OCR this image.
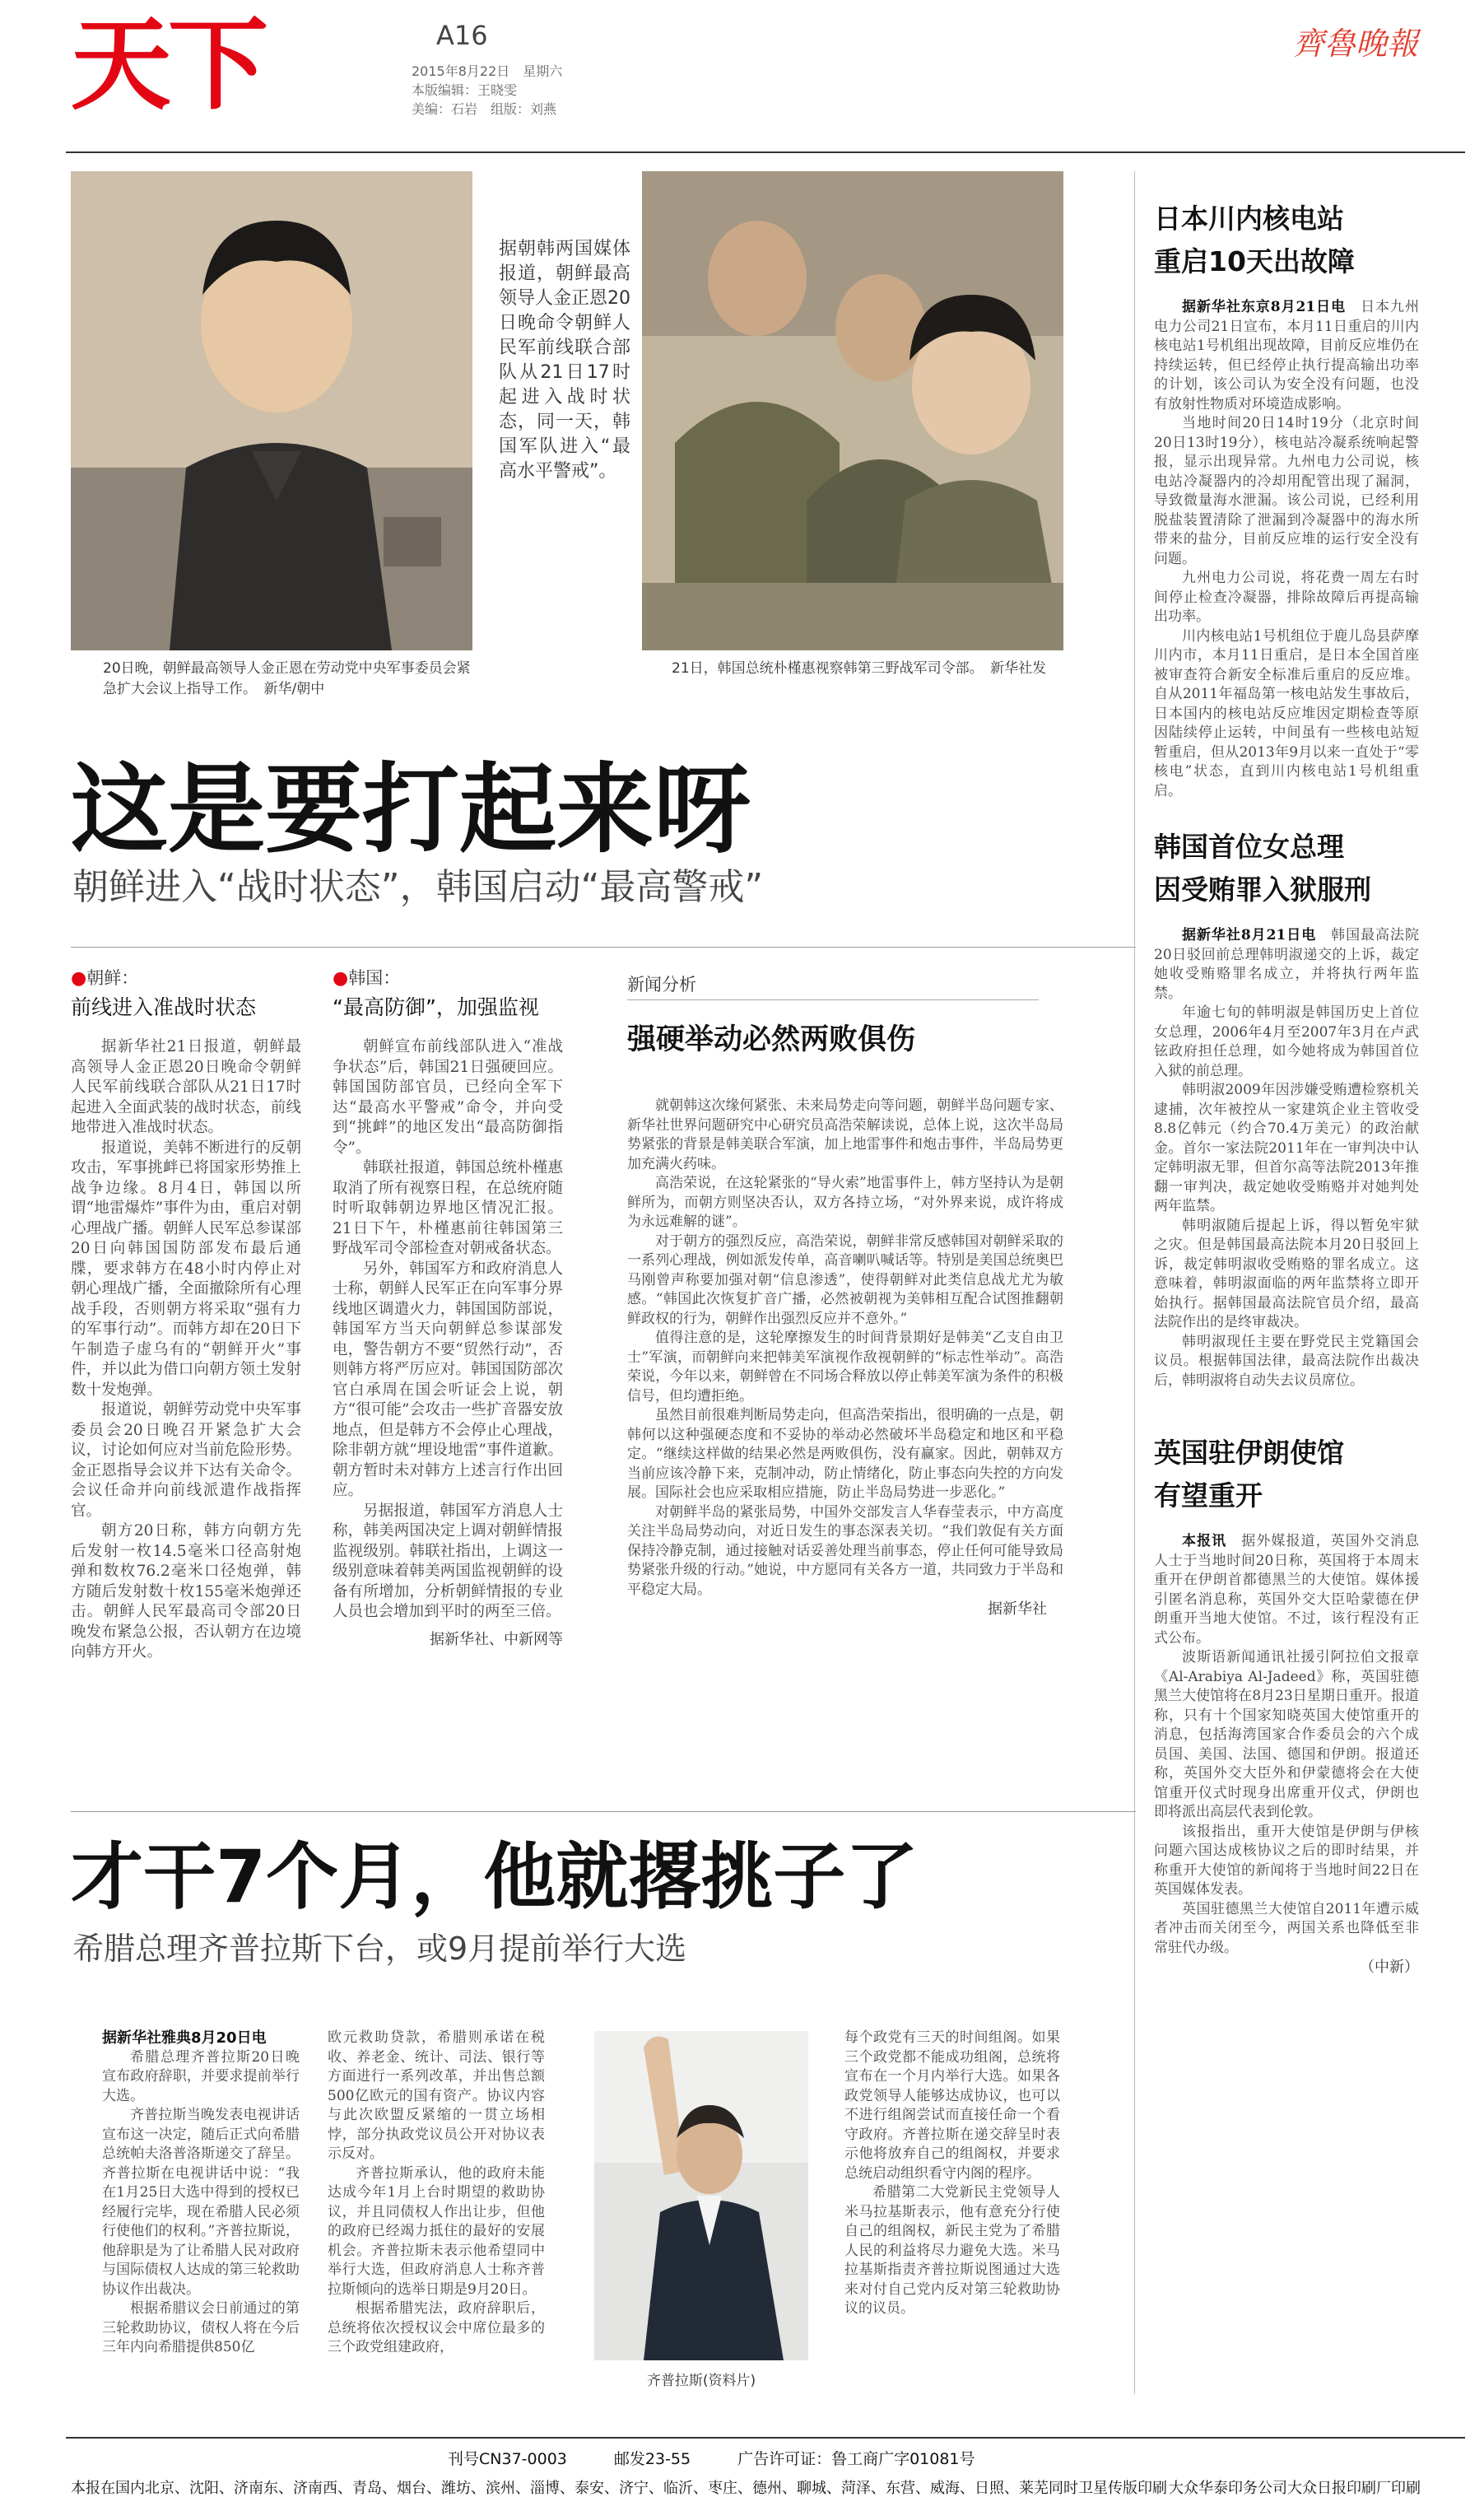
天下	A16
2015年8月22日　星期六
本版编辑：王晓雯
美编：石岩　组版：刘燕
齊魯晚報
20日晚，朝鲜最高领导人金正恩在劳动党中央军事委员会紧急扩大会议上指导工作。　新华/朝中
据朝韩两国媒体报道，朝鲜最高领导人金正恩20日晚命令朝鲜人民军前线联合部队从21日17时起进入战时状态，同一天，韩国军队进入“最高水平警戒”。
21日，韩国总统朴槿惠视察韩第三野战军司令部。　新华社发
这是要打起来呀
朝鲜进入“战时状态”，韩国启动“最高警戒”
●朝鲜：
前线进入准战时状态

据新华社21日报道，朝鲜最高领导人金正恩20日晚命令朝鲜人民军前线联合部队从21日17时起进入全面武装的战时状态，前线地带进入准战时状态。

报道说，美韩不断进行的反朝攻击，军事挑衅已将国家形势推上战争边缘。8月4日，韩国以所谓“地雷爆炸”事件为由，重启对朝心理战广播。朝鲜人民军总参谋部20日向韩国国防部发布最后通牒，要求韩方在48小时内停止对朝心理战广播，全面撤除所有心理战手段，否则朝方将采取“强有力的军事行动”。而韩方却在20日下午制造子虚乌有的“朝鲜开火”事件，并以此为借口向朝方领土发射数十发炮弹。

报道说，朝鲜劳动党中央军事委员会20日晚召开紧急扩大会议，讨论如何应对当前危险形势。金正恩指导会议并下达有关命令。会议任命并向前线派遣作战指挥官。

朝方20日称，韩方向朝方先后发射一枚14.5毫米口径高射炮弹和数枚76.2毫米口径炮弹，韩方随后发射数十枚155毫米炮弹还击。朝鲜人民军最高司令部20日晚发布紧急公报，否认朝方在边境向韩方开火。

●韩国：
“最高防御”，加强监视

朝鲜宣布前线部队进入“准战争状态”后，韩国21日强硬回应。韩国国防部官员，已经向全军下达“最高水平警戒”命令，并向受到“挑衅”的地区发出“最高防御指令”。

韩联社报道，韩国总统朴槿惠取消了所有视察日程，在总统府随时听取韩朝边界地区情况汇报。21日下午，朴槿惠前往韩国第三野战军司令部检查对朝戒备状态。

另外，韩国军方和政府消息人士称，朝鲜人民军正在向军事分界线地区调遣火力，韩国国防部说，韩国军方当天向朝鲜总参谋部发电，警告朝方不要“贸然行动”，否则韩方将严厉应对。韩国国防部次官白承周在国会听证会上说，朝方“很可能”会攻击一些扩音器安放地点，但是韩方不会停止心理战，除非朝方就“埋设地雷”事件道歉。朝方暂时未对韩方上述言行作出回应。

另据报道，韩国军方消息人士称，韩美两国决定上调对朝鲜情报监视级别。韩联社指出，上调这一级别意味着韩美两国监视朝鲜的设备有所增加，分析朝鲜情报的专业人员也会增加到平时的两至三倍。

据新华社、中新网等
新闻分析
强硬举动必然两败俱伤

就朝韩这次缘何紧张、未来局势走向等问题，朝鲜半岛问题专家、新华社世界问题研究中心研究员高浩荣解读说，总体上说，这次半岛局势紧张的背景是韩美联合军演，加上地雷事件和炮击事件，半岛局势更加充满火药味。

高浩荣说，在这轮紧张的“导火索”地雷事件上，韩方坚持认为是朝鲜所为，而朝方则坚决否认，双方各持立场，“对外界来说，成许将成为永远难解的谜”。

对于朝方的强烈反应，高浩荣说，朝鲜非常反感韩国对朝鲜采取的一系列心理战，例如派发传单，高音喇叭喊话等。特别是美国总统奥巴马刚曾声称要加强对朝“信息渗透”，使得朝鲜对此类信息战尤尤为敏感。“韩国此次恢复扩音广播，必然被朝视为美韩相互配合试图推翻朝鲜政权的行为，朝鲜作出强烈反应并不意外。”

值得注意的是，这轮摩擦发生的时间背景期好是韩美“乙支自由卫士”军演，而朝鲜向来把韩美军演视作敌视朝鲜的“标志性举动”。高浩荣说，今年以来，朝鲜曾在不同场合释放以停止韩美军演为条件的积极信号，但均遭拒绝。

虽然目前很难判断局势走向，但高浩荣指出，很明确的一点是，朝韩何以这种强硬态度和不妥协的举动必然破坏半岛稳定和地区和平稳定。“继续这样做的结果必然是两败俱伤，没有赢家。因此，朝韩双方当前应该冷静下来，克制冲动，防止情绪化，防止事态向失控的方向发展。国际社会也应采取相应措施，防止半岛局势进一步恶化。”

对朝鲜半岛的紧张局势，中国外交部发言人华春莹表示，中方高度关注半岛局势动向，对近日发生的事态深表关切。“我们敦促有关方面保持冷静克制，通过接触对话妥善处理当前事态，停止任何可能导致局势紧张升级的行动。”她说，中方愿同有关各方一道，共同致力于半岛和平稳定大局。

据新华社
日本川内核电站
重启10天出故障

据新华社东京8月21日电　 日本九州电力公司21日宣布，本月11日重启的川内核电站1号机组出现故障，目前反应堆仍在持续运转，但已经停止执行提高输出功率的计划，该公司认为安全没有问题，也没有放射性物质对环境造成影响。

当地时间20日14时19分（北京时间20日13时19分），核电站冷凝系统响起警报，显示出现异常。九州电力公司说，核电站冷凝器内的冷却用配管出现了漏洞，导致微量海水泄漏。该公司说，已经利用脱盐装置清除了泄漏到冷凝器中的海水所带来的盐分，目前反应堆的运行安全没有问题。

九州电力公司说，将花费一周左右时间停止检查冷凝器，排除故障后再提高输出功率。

川内核电站1号机组位于鹿儿岛县萨摩川内市，本月11日重启，是日本全国首座被审查符合新安全标准后重启的反应堆。自从2011年福岛第一核电站发生事故后，日本国内的核电站反应堆因定期检查等原因陆续停止运转，中间虽有一些核电站短暂重启，但从2013年9月以来一直处于“零核电”状态，直到川内核电站1号机组重启。

韩国首位女总理
因受贿罪入狱服刑

据新华社8月21日电　 韩国最高法院20日驳回前总理韩明淑递交的上诉，裁定她收受贿赂罪名成立，并将执行两年监禁。

年逾七旬的韩明淑是韩国历史上首位女总理，2006年4月至2007年3月在卢武铉政府担任总理，如今她将成为韩国首位入狱的前总理。

韩明淑2009年因涉嫌受贿遭检察机关逮捕，次年被控从一家建筑企业主管收受8.8亿韩元（约合70.4万美元）的政治献金。首尔一家法院2011年在一审判决中认定韩明淑无罪，但首尔高等法院2013年推翻一审判决，裁定她收受贿赂并对她判处两年监禁。

韩明淑随后提起上诉，得以暂免牢狱之灾。但是韩国最高法院本月20日驳回上诉，裁定韩明淑收受贿赂的罪名成立。这意味着，韩明淑面临的两年监禁将立即开始执行。据韩国最高法院官员介绍，最高法院作出的是终审裁决。

韩明淑现任主要在野党民主党籍国会议员。根据韩国法律，最高法院作出裁决后，韩明淑将自动失去议员席位。

英国驻伊朗使馆
有望重开

本报讯　 据外媒报道，英国外交消息人士于当地时间20日称，英国将于本周末重开在伊朗首都德黑兰的大使馆。媒体援引匿名消息称，英国外交大臣哈蒙德在伊朗重开当地大使馆。不过，该行程没有正式公布。

波斯语新闻通讯社援引阿拉伯文报章《Al-Arabiya Al-Jadeed》称，英国驻德黑兰大使馆将在8月23日星期日重开。报道称，只有十个国家知晓英国大使馆重开的消息，包括海湾国家合作委员会的六个成员国、美国、法国、德国和伊朗。报道还称，英国外交大臣外和伊蒙德将会在大使馆重开仪式时现身出席重开仪式，伊朗也即将派出高层代表到伦敦。

该报指出，重开大使馆是伊朗与伊核问题六国达成核协议之后的即时结果，并称重开大使馆的新闻将于当地时间22日在英国媒体发表。

英国驻德黑兰大使馆自2011年遭示威者冲击而关闭至今，两国关系也降低至非常驻代办级。

（中新）
才干7个月，他就撂挑子了
希腊总理齐普拉斯下台，或9月提前举行大选
据新华社雅典8月20日电

希腊总理齐普拉斯20日晚宣布政府辞职，并要求提前举行大选。

齐普拉斯当晚发表电视讲话宣布这一决定，随后正式向希腊总统帕夫洛普洛斯递交了辞呈。齐普拉斯在电视讲话中说：“我在1月25日大选中得到的授权已经履行完毕，现在希腊人民必须行使他们的权利。”齐普拉斯说，他辞职是为了让希腊人民对政府与国际债权人达成的第三轮救助协议作出裁决。

根据希腊议会日前通过的第三轮救助协议，债权人将在今后三年内向希腊提供850亿

欧元救助贷款，希腊则承诺在税收、养老金、统计、司法、银行等方面进行一系列改革，并出售总额500亿欧元的国有资产。协议内容与此次欧盟反紧缩的一贯立场相悖，部分执政党议员公开对协议表示反对。

齐普拉斯承认，他的政府未能达成今年1月上台时期望的救助协议，并且同债权人作出让步，但他的政府已经竭力抵住的最好的安展机会。齐普拉斯未表示他希望同中举行大选，但政府消息人士称齐普拉斯倾向的选举日期是9月20日。

根据希腊宪法，政府辞职后，总统将依次授权议会中席位最多的三个政党组建政府，

齐普拉斯(资料片)

每个政党有三天的时间组阁。如果三个政党都不能成功组阁，总统将宣布在一个月内举行大选。如果各政党领导人能够达成协议，也可以不进行组阁尝试而直接任命一个看守政府。齐普拉斯在递交辞呈时表示他将放弃自己的组阁权，并要求总统启动组织看守内阁的程序。

希腊第二大党新民主党领导人米马拉基斯表示，他有意充分行使自己的组阁权，新民主党为了希腊人民的利益将尽力避免大选。米马拉基斯指责齐普拉斯说图通过大选来对付自己党内反对第三轮救助协议的议员。

刊号CN37-0003　　　邮发23-55　　　广告许可证：鲁工商广字01081号
本报在国内北京、沈阳、济南东、济南西、青岛、烟台、潍坊、滨州、淄博、泰安、济宁、临沂、枣庄、德州、聊城、菏泽、东营、威海、日照、莱芜同时卫星传版印刷 大众华泰印务公司大众日报印刷厂印刷
